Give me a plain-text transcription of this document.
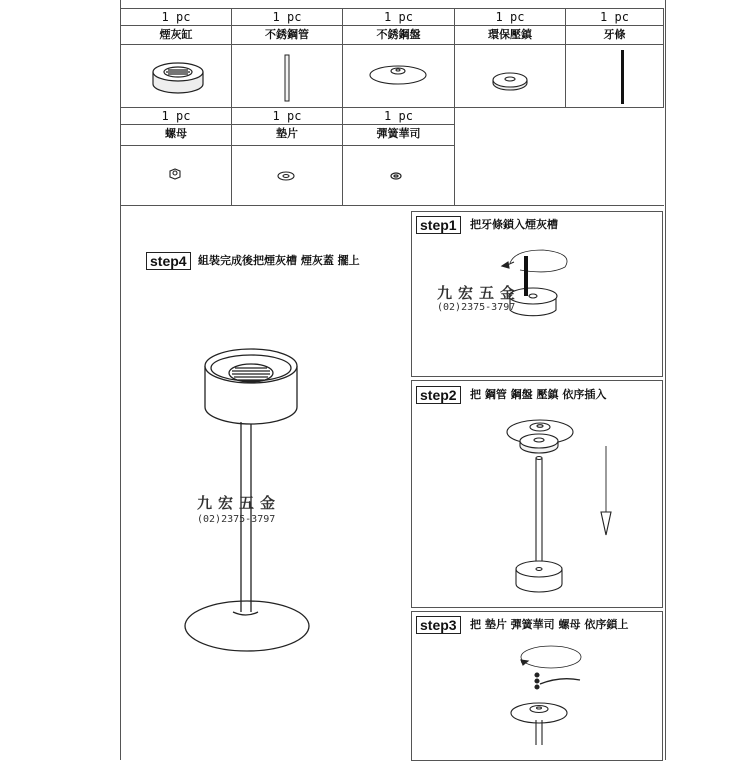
1 pc	1 pc	1 pc	1 pc	1 pc
煙灰缸	不銹鋼管	不銹鋼盤	環保壓鎮	牙條
1 pc	1 pc	1 pc
螺母	墊片	彈簧華司
step4	組裝完成後把煙灰槽 煙灰蓋 擺上
九宏五金
(02)2375-3797
step1	把牙條鎖入煙灰槽
九宏五金
(02)2375-3797
step2	把 鋼管 鋼盤 壓鎮 依序插入
step3	把 墊片 彈簧華司 螺母 依序鎖上
